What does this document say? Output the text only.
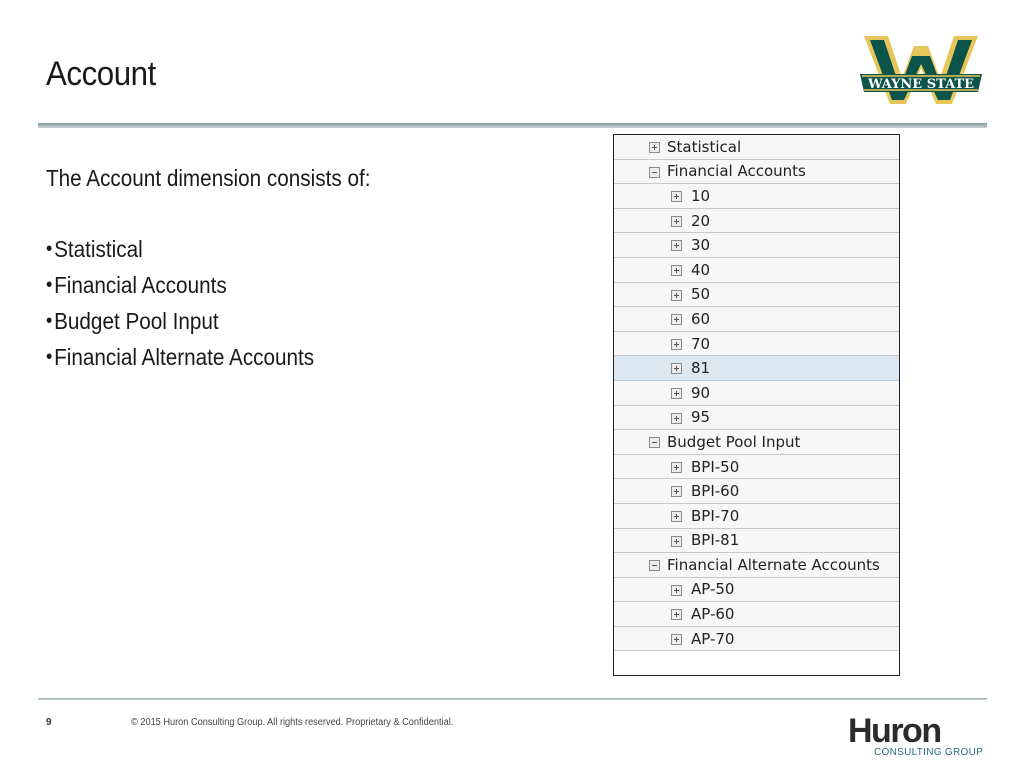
Account	WAYNE STATE
The Account dimension consists of:
•Statistical
•Financial Accounts
•Budget Pool Input
•Financial Alternate Accounts
Statistical
Financial Accounts
10
20
30
40
50
60
70
81
90
95
Budget Pool Input
BPI-50
BPI-60
BPI-70
BPI-81
Financial Alternate Accounts
AP-50
AP-60
AP-70
9	© 2015 Huron Consulting Group. All rights reserved. Proprietary & Confidential.	Huron
CONSULTING GROUP
